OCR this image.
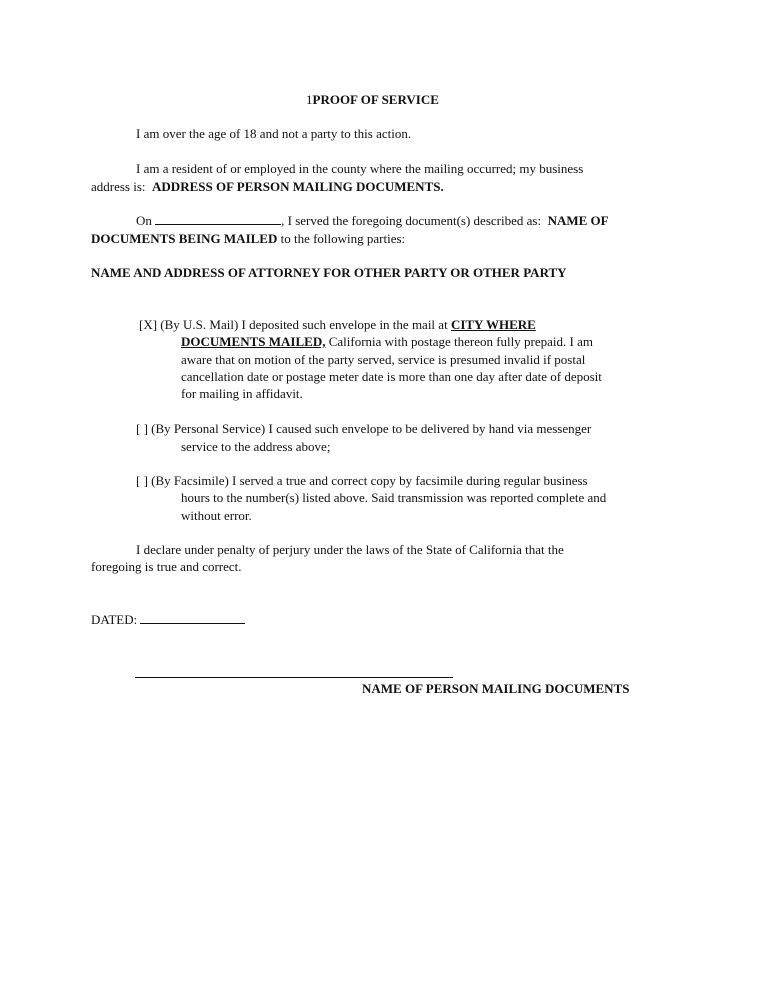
1PROOF OF SERVICE
I am over the age of 18 and not a party to this action.
I am a resident of or employed in the county where the mailing occurred; my business
address is: ADDRESS OF PERSON MAILING DOCUMENTS.
On	, I served the foregoing document(s) described as: NAME OF
DOCUMENTS BEING MAILED to the following parties:
NAME AND ADDRESS OF ATTORNEY FOR OTHER PARTY OR OTHER PARTY
[X] (By U.S. Mail) I deposited such envelope in the mail at CITY WHERE
DOCUMENTS MAILED, California with postage thereon fully prepaid. I am
aware that on motion of the party served, service is presumed invalid if postal
cancellation date or postage meter date is more than one day after date of deposit
for mailing in affidavit.
[ ] (By Personal Service) I caused such envelope to be delivered by hand via messenger
service to the address above;
[ ] (By Facsimile) I served a true and correct copy by facsimile during regular business
hours to the number(s) listed above. Said transmission was reported complete and
without error.
I declare under penalty of perjury under the laws of the State of California that the
foregoing is true and correct.
DATED:
NAME OF PERSON MAILING DOCUMENTS
